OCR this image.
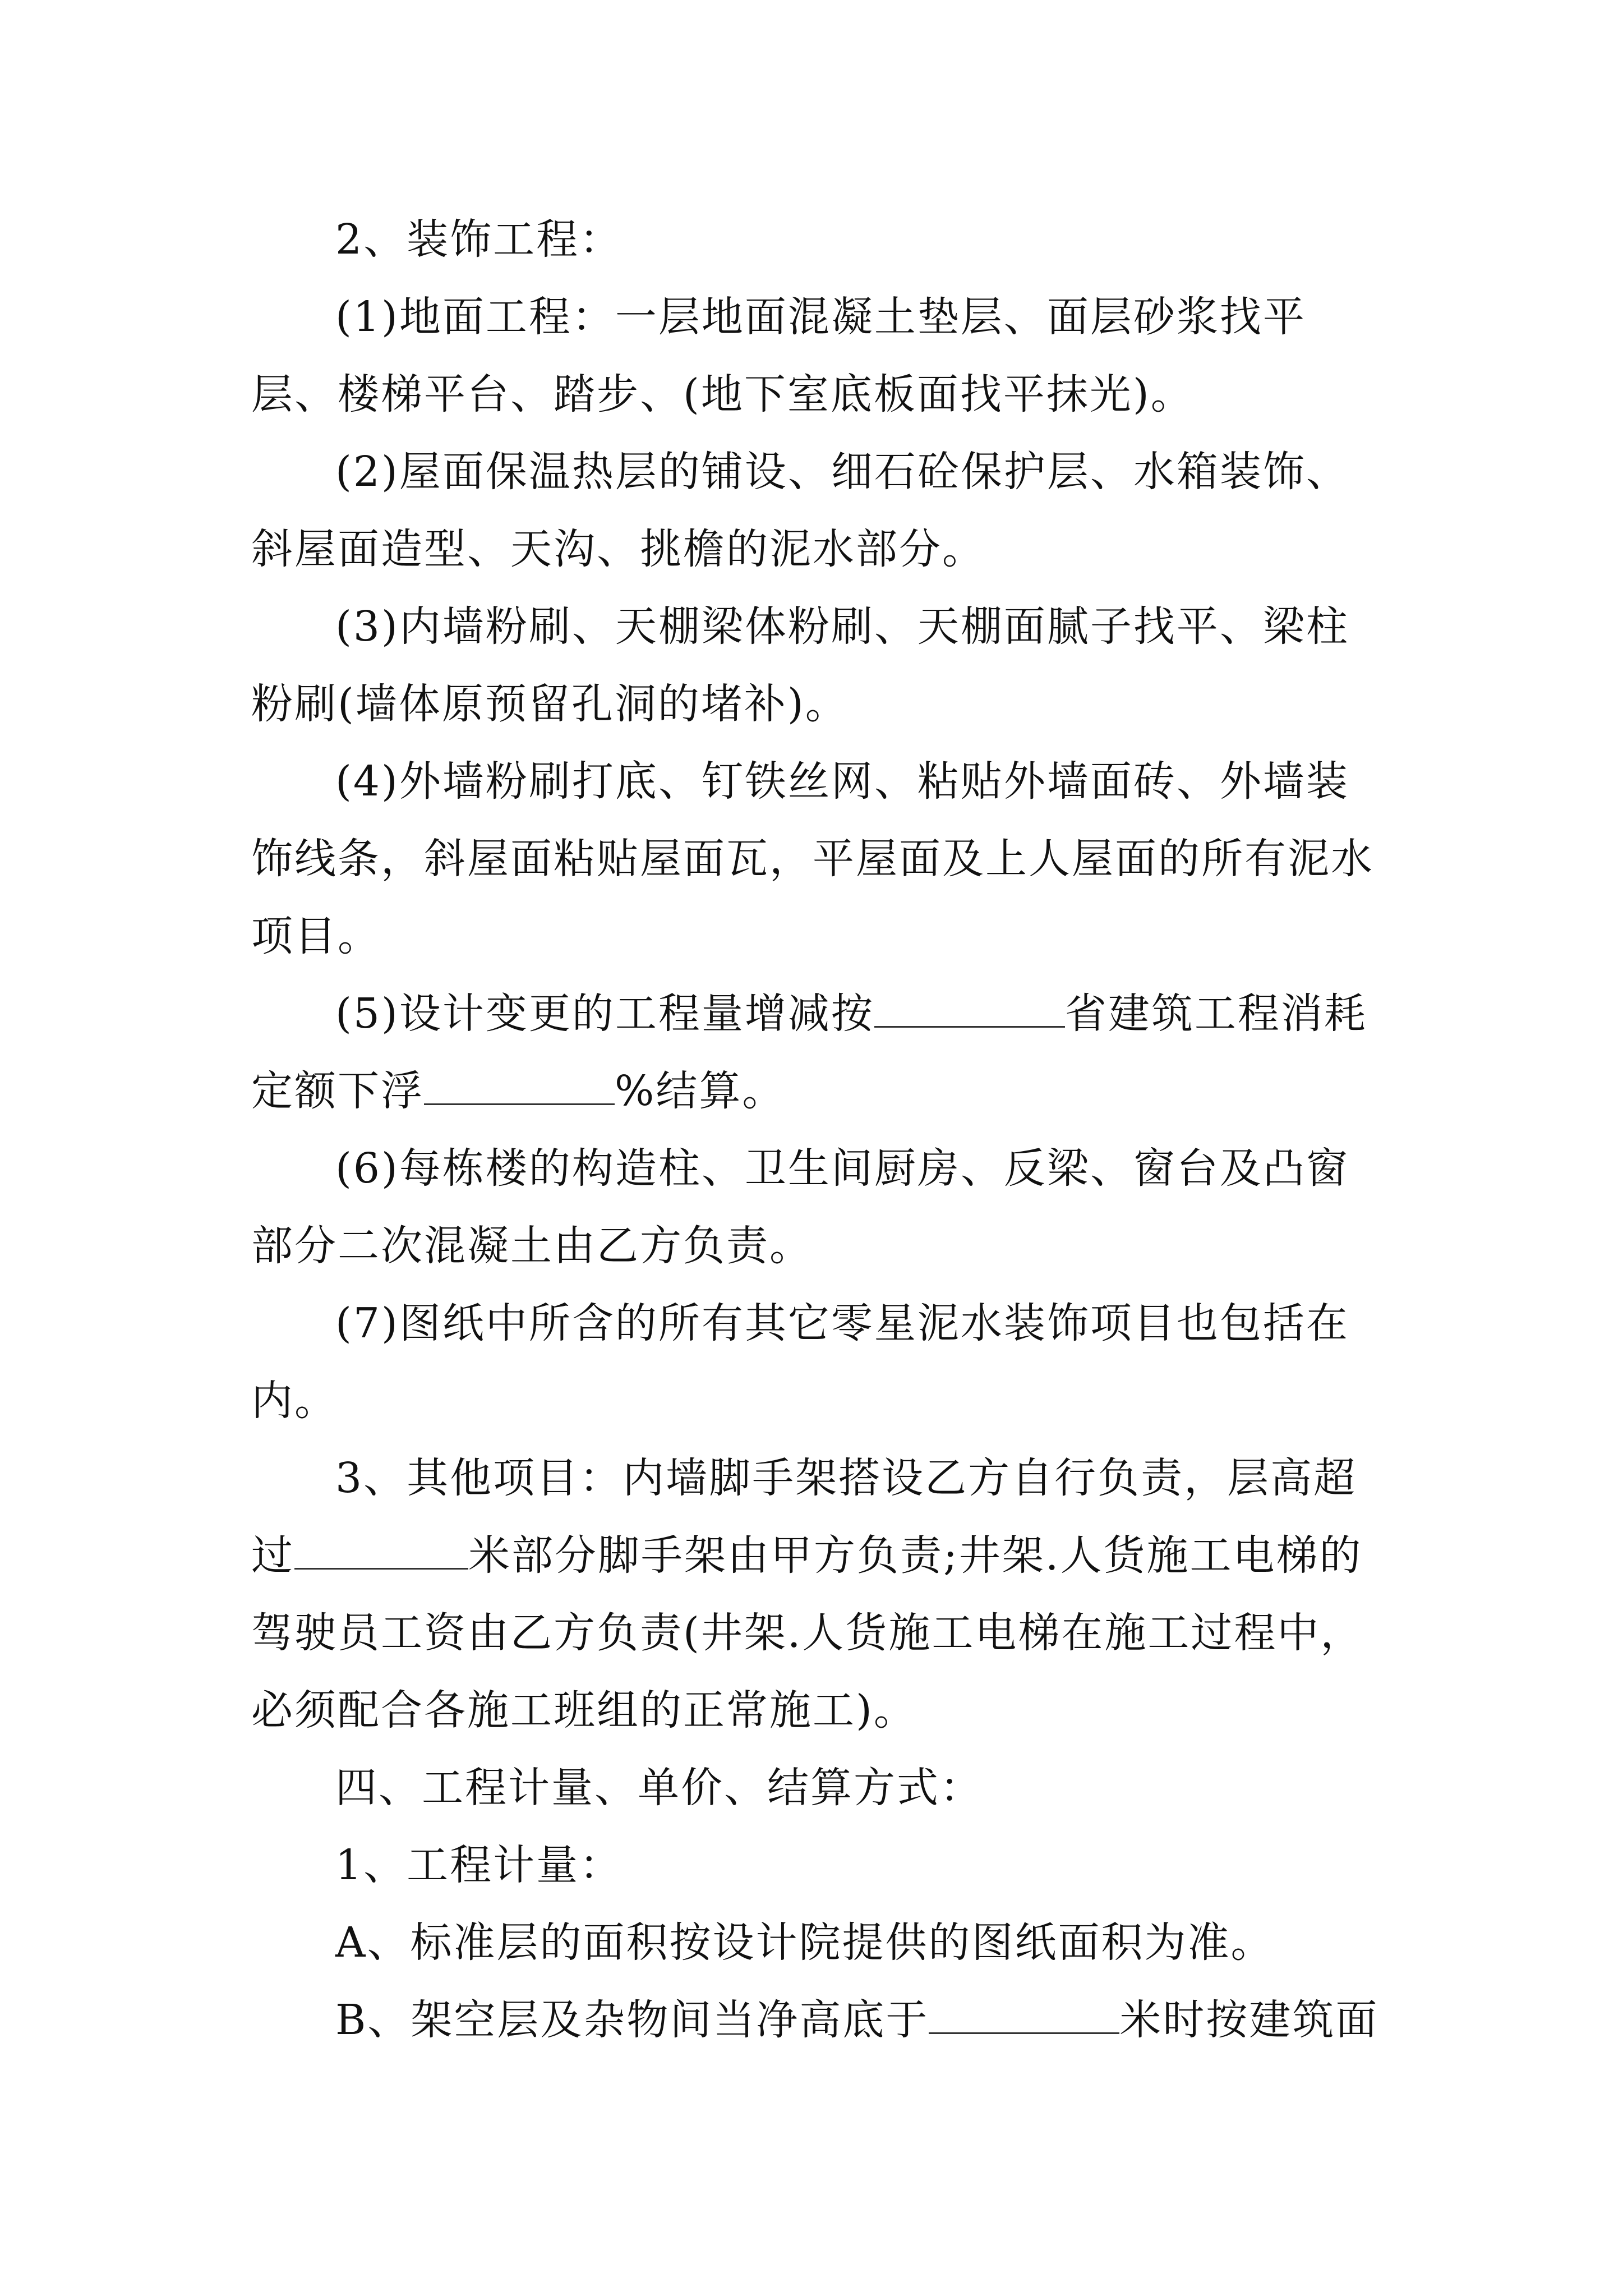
2、装饰工程：

(1)地面工程：一层地面混凝土垫层、面层砂浆找平层、楼梯平台、踏步、(地下室底板面找平抹光)。

(2)屋面保温热层的铺设、细石砼保护层、水箱装饰、斜屋面造型、天沟、挑檐的泥水部分。

(3)内墙粉刷、天棚梁体粉刷、天棚面腻子找平、梁柱粉刷(墙体原预留孔洞的堵补)。

(4)外墙粉刷打底、钉铁丝网、粘贴外墙面砖、外墙装饰线条，斜屋面粘贴屋面瓦，平屋面及上人屋面的所有泥水项目。

(5)设计变更的工程量增减按	省建筑工程消耗定额下浮	%结算。

(6)每栋楼的构造柱、卫生间厨房、反梁、窗台及凸窗部分二次混凝土由乙方负责。

(7)图纸中所含的所有其它零星泥水装饰项目也包括在内。

3、其他项目：内墙脚手架搭设乙方自行负责，层高超过	米部分脚手架由甲方负责;井架.人货施工电梯的驾驶员工资由乙方负责(井架.人货施工电梯在施工过程中，必须配合各施工班组的正常施工)。

四、工程计量、单价、结算方式：

1、工程计量：

A、标准层的面积按设计院提供的图纸面积为准。

B、架空层及杂物间当净高底于	米时按建筑面
